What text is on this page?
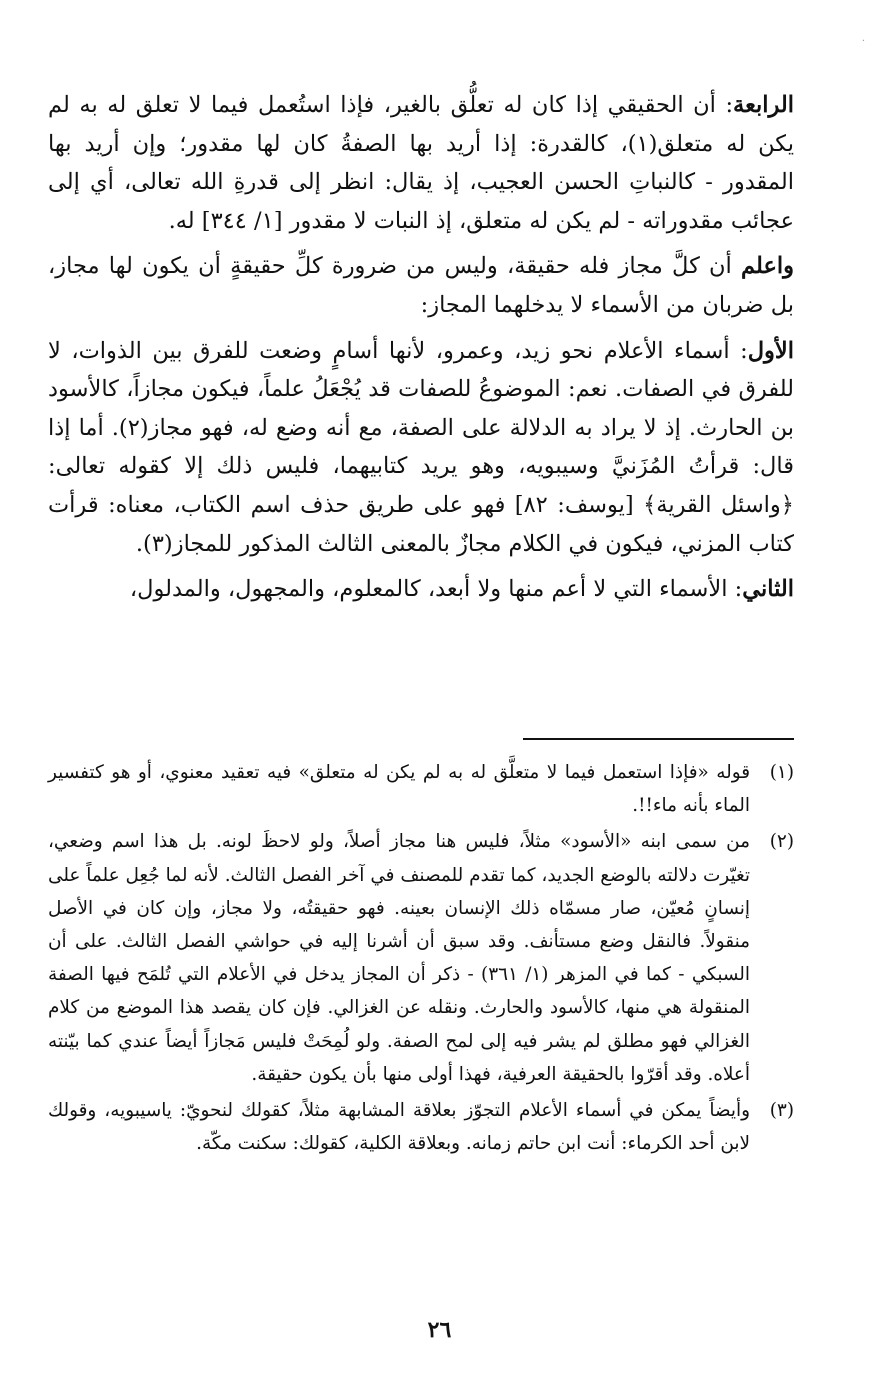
·

الرابعة: أن الحقيقي إذا كان له تعلُّق بالغير، فإذا استُعمل فيما لا تعلق له به لم يكن له متعلق(١)، كالقدرة: إذا أريد بها الصفةُ كان لها مقدور؛ وإن أريد بها المقدور - كالنباتِ الحسن العجيب، إذ يقال: انظر إلى قدرةِ الله تعالى، أي إلى عجائب مقدوراته - لم يكن له متعلق، إذ النبات لا مقدور [١/ ٣٤٤] له.

واعلم أن كلَّ مجاز فله حقيقة، وليس من ضرورة كلِّ حقيقةٍ أن يكون لها مجاز، بل ضربان من الأسماء لا يدخلهما المجاز:

الأول: أسماء الأعلام نحو زيد، وعمرو، لأنها أسامٍ وضعت للفرق بين الذوات، لا للفرق في الصفات. نعم: الموضوعُ للصفات قد يُجْعَلُ علماً، فيكون مجازاً، كالأسود بن الحارث. إذ لا يراد به الدلالة على الصفة، مع أنه وضع له، فهو مجاز(٢). أما إذا قال: قرأتُ المُزَنيَّ وسيبويه، وهو يريد كتابيهما، فليس ذلك إلا كقوله تعالى: ﴿واسئل القرية﴾ [يوسف: ٨٢] فهو على طريق حذف اسم الكتاب، معناه: قرأت كتاب المزني، فيكون في الكلام مجازٌ بالمعنى الثالث المذكور للمجاز(٣).

الثاني: الأسماء التي لا أعم منها ولا أبعد، كالمعلوم، والمجهول، والمدلول،

(١)
قوله «فإذا استعمل فيما لا متعلَّق له به لم يكن له متعلق» فيه تعقيد معنوي، أو هو كتفسير الماء بأنه ماء!!.
(٢)
من سمى ابنه «الأسود» مثلاً، فليس هنا مجاز أصلاً، ولو لاحظَ لونه. بل هذا اسم وضعي، تغيّرت دلالته بالوضع الجديد، كما تقدم للمصنف في آخر الفصل الثالث. لأنه لما جُعِل علماً على إنسانٍ مُعيّن، صار مسمّاه ذلك الإنسان بعينه. فهو حقيقتُه، ولا مجاز، وإن كان في الأصل منقولاً. فالنقل وضع مستأنف. وقد سبق أن أشرنا إليه في حواشي الفصل الثالث. على أن السبكي - كما في المزهر (١/ ٣٦١) - ذكر أن المجاز يدخل في الأعلام التي تُلمَح فيها الصفة المنقولة هي منها، كالأسود والحارث. ونقله عن الغزالي. فإن كان يقصد هذا الموضع من كلام الغزالي فهو مطلق لم يشر فيه إلى لمح الصفة. ولو لُمِحَتْ فليس مَجازاً أيضاً عندي كما بيّنته أعلاه. وقد أقرّوا بالحقيقة العرفية، فهذا أولى منها بأن يكون حقيقة.
(٣)
وأيضاً يمكن في أسماء الأعلام التجوّز بعلاقة المشابهة مثلاً، كقولك لنحويّ: ياسيبويه، وقولك لابن أحد الكرماء: أنت ابن حاتم زمانه. وبعلاقة الكلية، كقولك: سكنت مكّة.
٢٦
